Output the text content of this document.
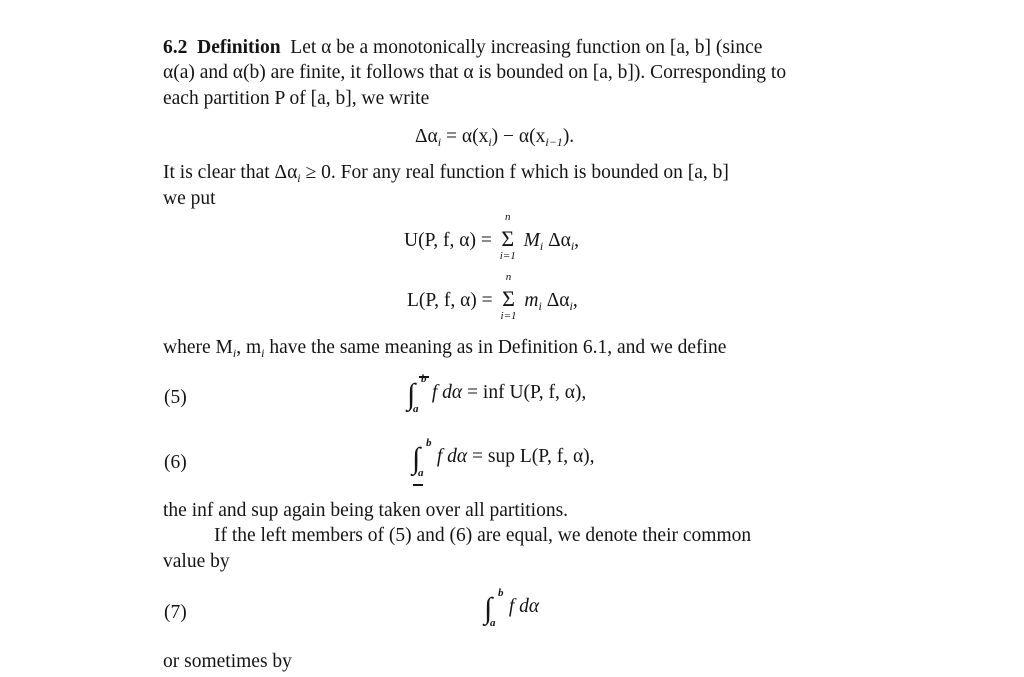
6.2 Definition Let α be a monotonically increasing function on [a, b] (since
α(a) and α(b) are finite, it follows that α is bounded on [a, b]). Corresponding to
each partition P of [a, b], we write
$\Delta\alpha_i = \alpha(x_i) - \alpha(x_{i-1})$.
It is clear that $\Delta\alpha_i \ge 0$. For any real function f which is bounded on [a, b]
we put
U(P, f, α) =
n
Σ
i=1
$M_i$ $\Delta\alpha_i$,
L(P, f, α) =
n
Σ
i=1
$m_i$ $\Delta\alpha_i$,
where $M_i$, $m_i$ have the same meaning as in Definition 6.1, and we define
(5)
b
∫
a
f dα = inf U(P, f, α),
(6)
b
∫
a
f dα = sup L(P, f, α),
the inf and sup again being taken over all partitions.
If the left members of (5) and (6) are equal, we denote their common
value by
(7)
b
∫
a
f dα
or sometimes by
